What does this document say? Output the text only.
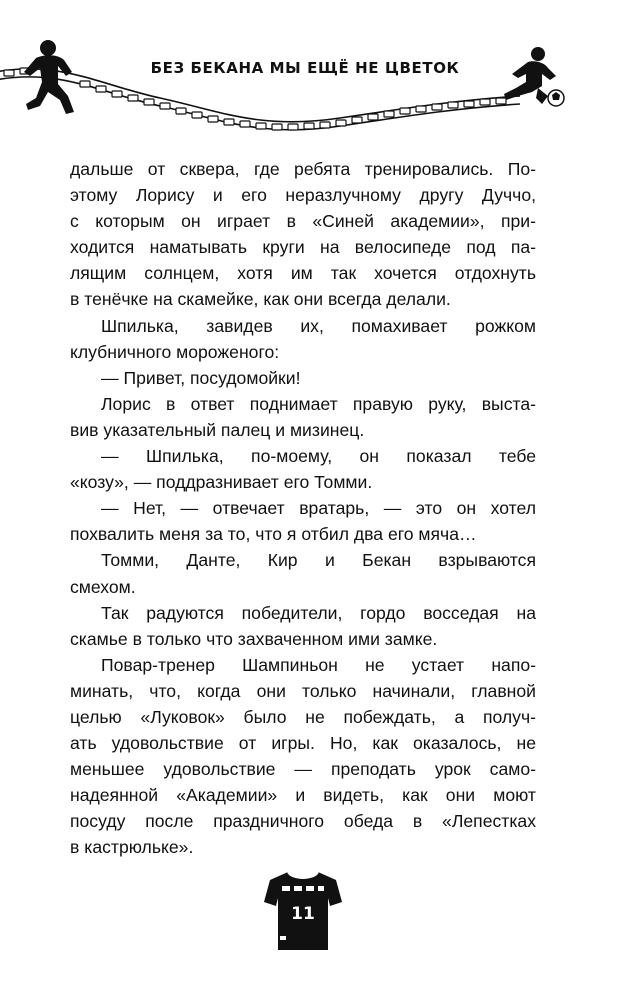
БЕЗ БЕКАНА МЫ ЕЩЁ НЕ ЦВЕТОК
дальше от сквера, где ребята тренировались. По-
этому Лорису и его неразлучному другу Дуччо,
с которым он играет в «Синей академии», при-
ходится наматывать круги на велосипеде под па-
лящим солнцем, хотя им так хочется отдохнуть
в тенёчке на скамейке, как они всегда делали.
Шпилька, завидев их, помахивает рожком
клубничного мороженого:
— Привет, посудомойки!
Лорис в ответ поднимает правую руку, выста-
вив указательный палец и мизинец.
— Шпилька, по-моему, он показал тебе
«козу», — поддразнивает его Томми.
— Нет, — отвечает вратарь, — это он хотел
похвалить меня за то, что я отбил два его мяча…
Томми, Данте, Кир и Бекан взрываются
смехом.
Так радуются победители, гордо восседая на
скамье в только что захваченном ими замке.
Повар-тренер Шампиньон не устает напо-
минать, что, когда они только начинали, главной
целью «Луковок» было не побеждать, а получ-
ать удовольствие от игры. Но, как оказалось, не
меньшее удовольствие — преподать урок само-
надеянной «Академии» и видеть, как они моют
посуду после праздничного обеда в «Лепестках
в кастрюльке».
11
